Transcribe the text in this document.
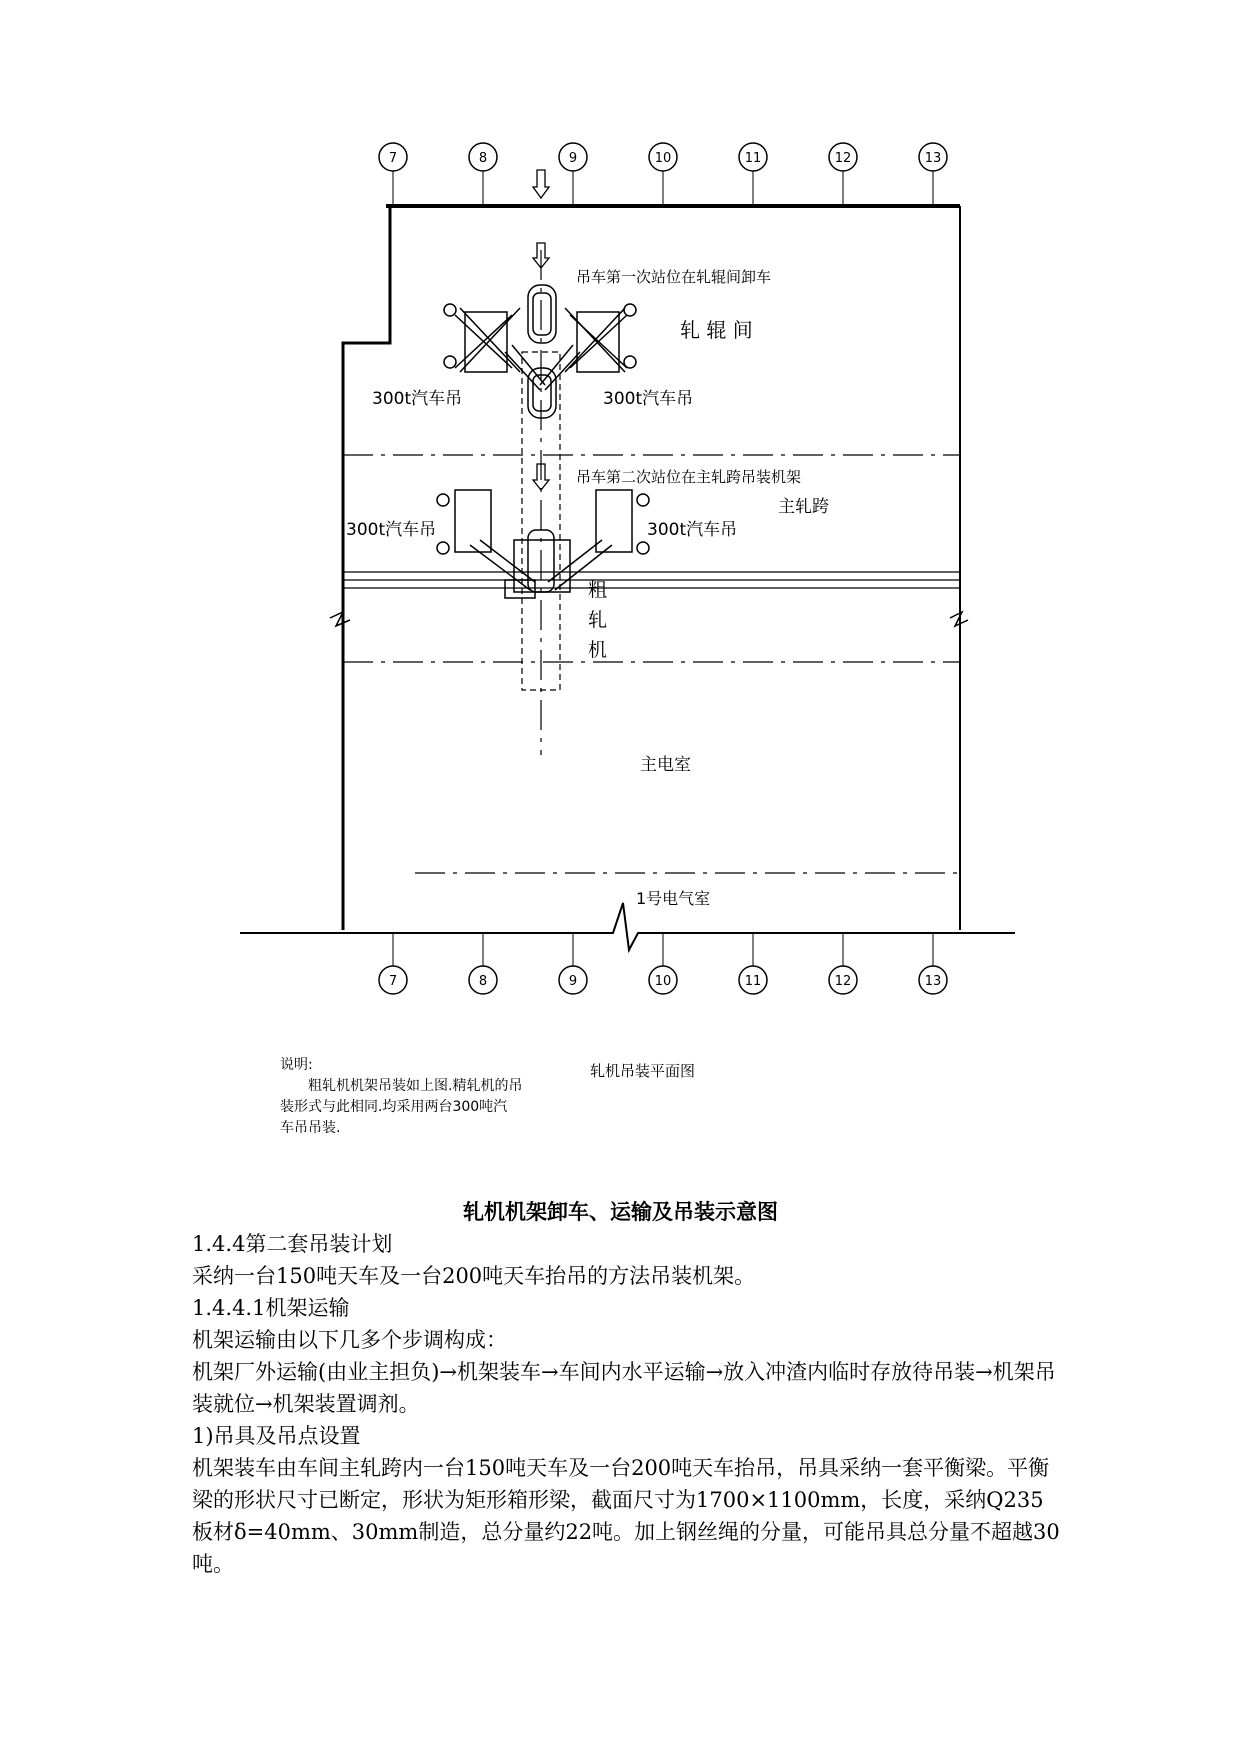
7	8	9	10	11	12	13
7	8	9	10	11	12	13
吊车第一次站位在轧辊间卸车
轧 辊 间
300t汽车吊	300t汽车吊
吊车第二次站位在主轧跨吊装机架
主轧跨
300t汽车吊	300t汽车吊
粗
轧
机
主电室
1号电气室
说明:
粗轧机机架吊装如上图.精轧机的吊
装形式与此相同.均采用两台300吨汽
车吊吊装.
轧机吊装平面图
轧机机架卸车、运输及吊装示意图

1.4.4第二套吊装计划

采纳一台150吨天车及一台200吨天车抬吊的方法吊装机架。

1.4.4.1机架运输

机架运输由以下几多个步调构成：

机架厂外运输(由业主担负)→机架装车→车间内水平运输→放入冲渣内临时存放待吊装→机架吊装就位→机架装置调剂。

1)吊具及吊点设置

机架装车由车间主轧跨内一台150吨天车及一台200吨天车抬吊，吊具采纳一套平衡梁。平衡梁的形状尺寸已断定，形状为矩形箱形梁，截面尺寸为1700×1100mm，长度，采纳Q235板材δ=40mm、30mm制造，总分量约22吨。加上钢丝绳的分量，可能吊具总分量不超越30吨。
